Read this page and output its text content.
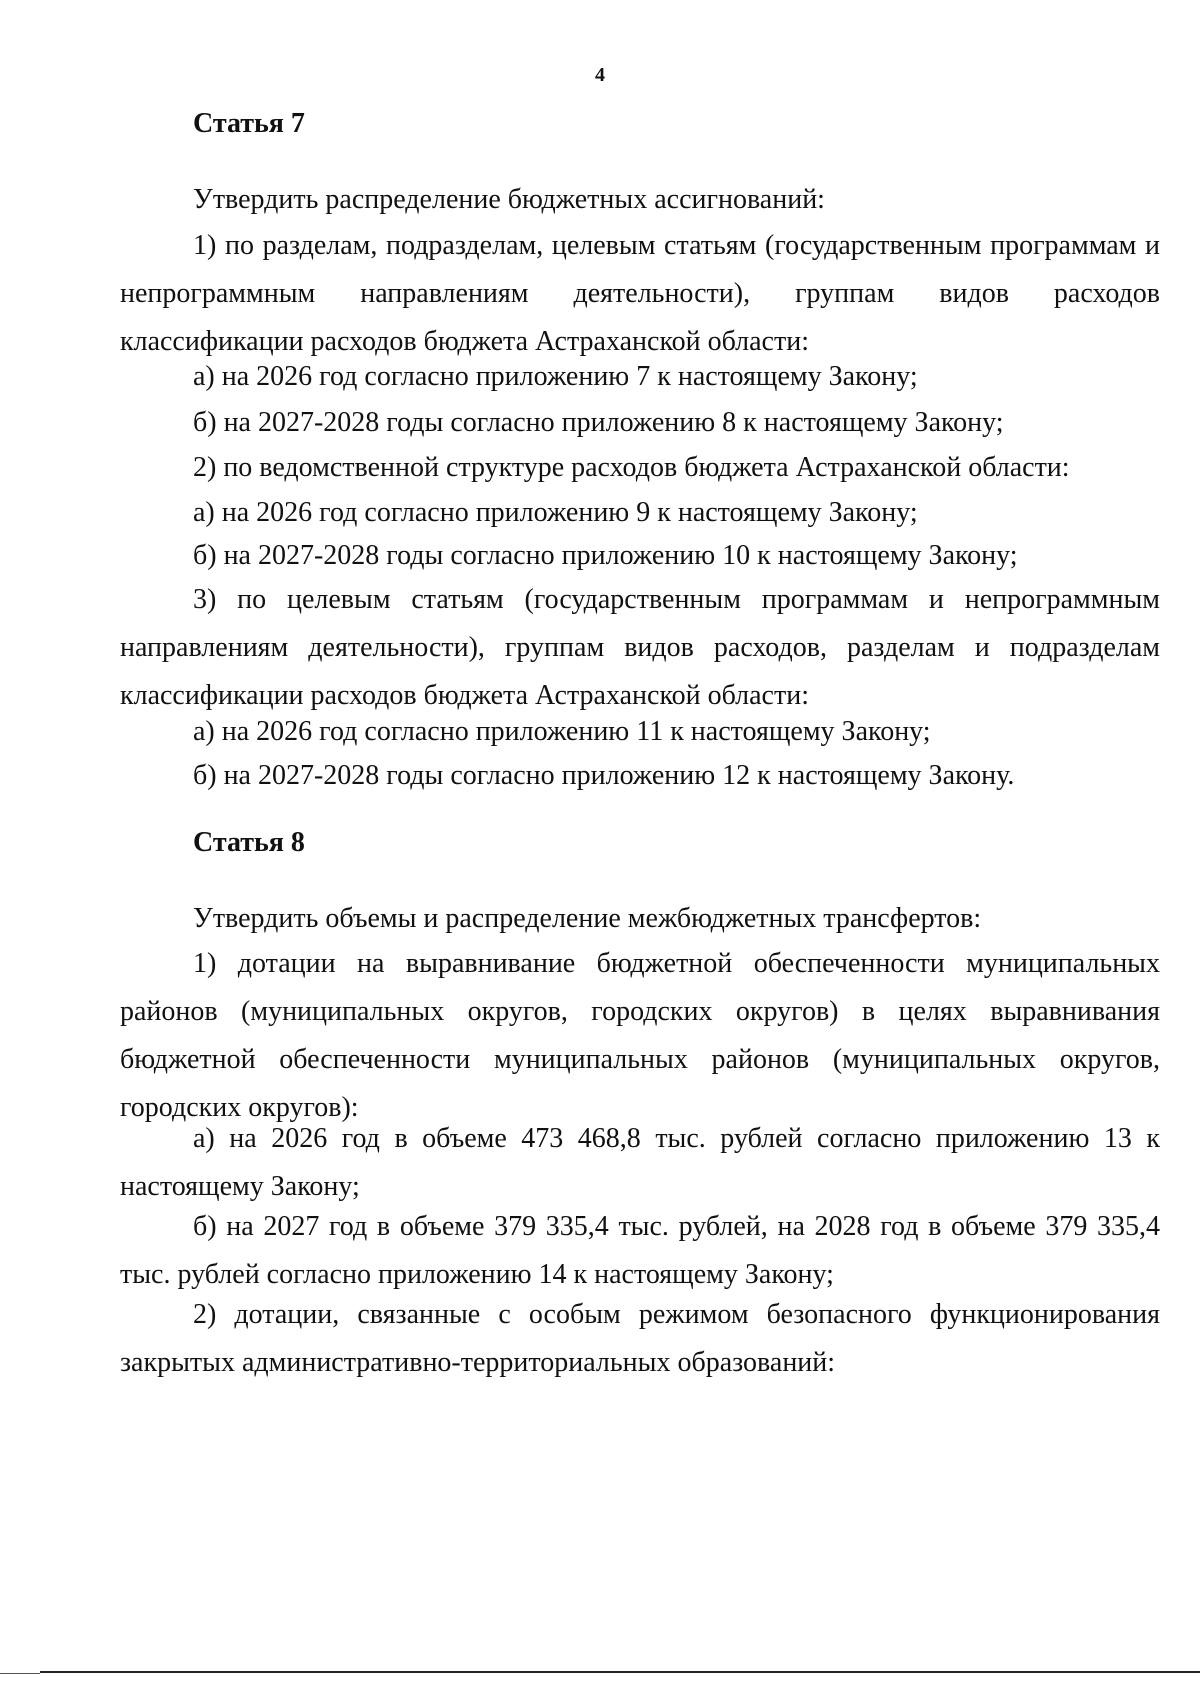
4
Статья 7
Утвердить распределение бюджетных ассигнований:
1) по разделам, подразделам, целевым статьям (государственным программам и непрограммным направлениям деятельности), группам видов расходов классификации расходов бюджета Астраханской области:
а) на 2026 год согласно приложению 7 к настоящему Закону;
б) на 2027-2028 годы согласно приложению 8 к настоящему Закону;
2) по ведомственной структуре расходов бюджета Астраханской области:
а) на 2026 год согласно приложению 9 к настоящему Закону;
б) на 2027-2028 годы согласно приложению 10 к настоящему Закону;
3) по целевым статьям (государственным программам и непрограммным направлениям деятельности), группам видов расходов, разделам и подразделам классификации расходов бюджета Астраханской области:
а) на 2026 год согласно приложению 11 к настоящему Закону;
б) на 2027-2028 годы согласно приложению 12 к настоящему Закону.
Статья 8
Утвердить объемы и распределение межбюджетных трансфертов:
1) дотации на выравнивание бюджетной обеспеченности муниципальных районов (муниципальных округов, городских округов) в целях выравнивания бюджетной обеспеченности муниципальных районов (муниципальных округов, городских округов):
а) на 2026 год в объеме 473 468,8 тыс. рублей согласно приложению 13 к настоящему Закону;
б) на 2027 год в объеме 379 335,4 тыс. рублей, на 2028 год в объеме 379 335,4 тыс. рублей согласно приложению 14 к настоящему Закону;
2) дотации, связанные с особым режимом безопасного функционирования закрытых административно-территориальных образований:
